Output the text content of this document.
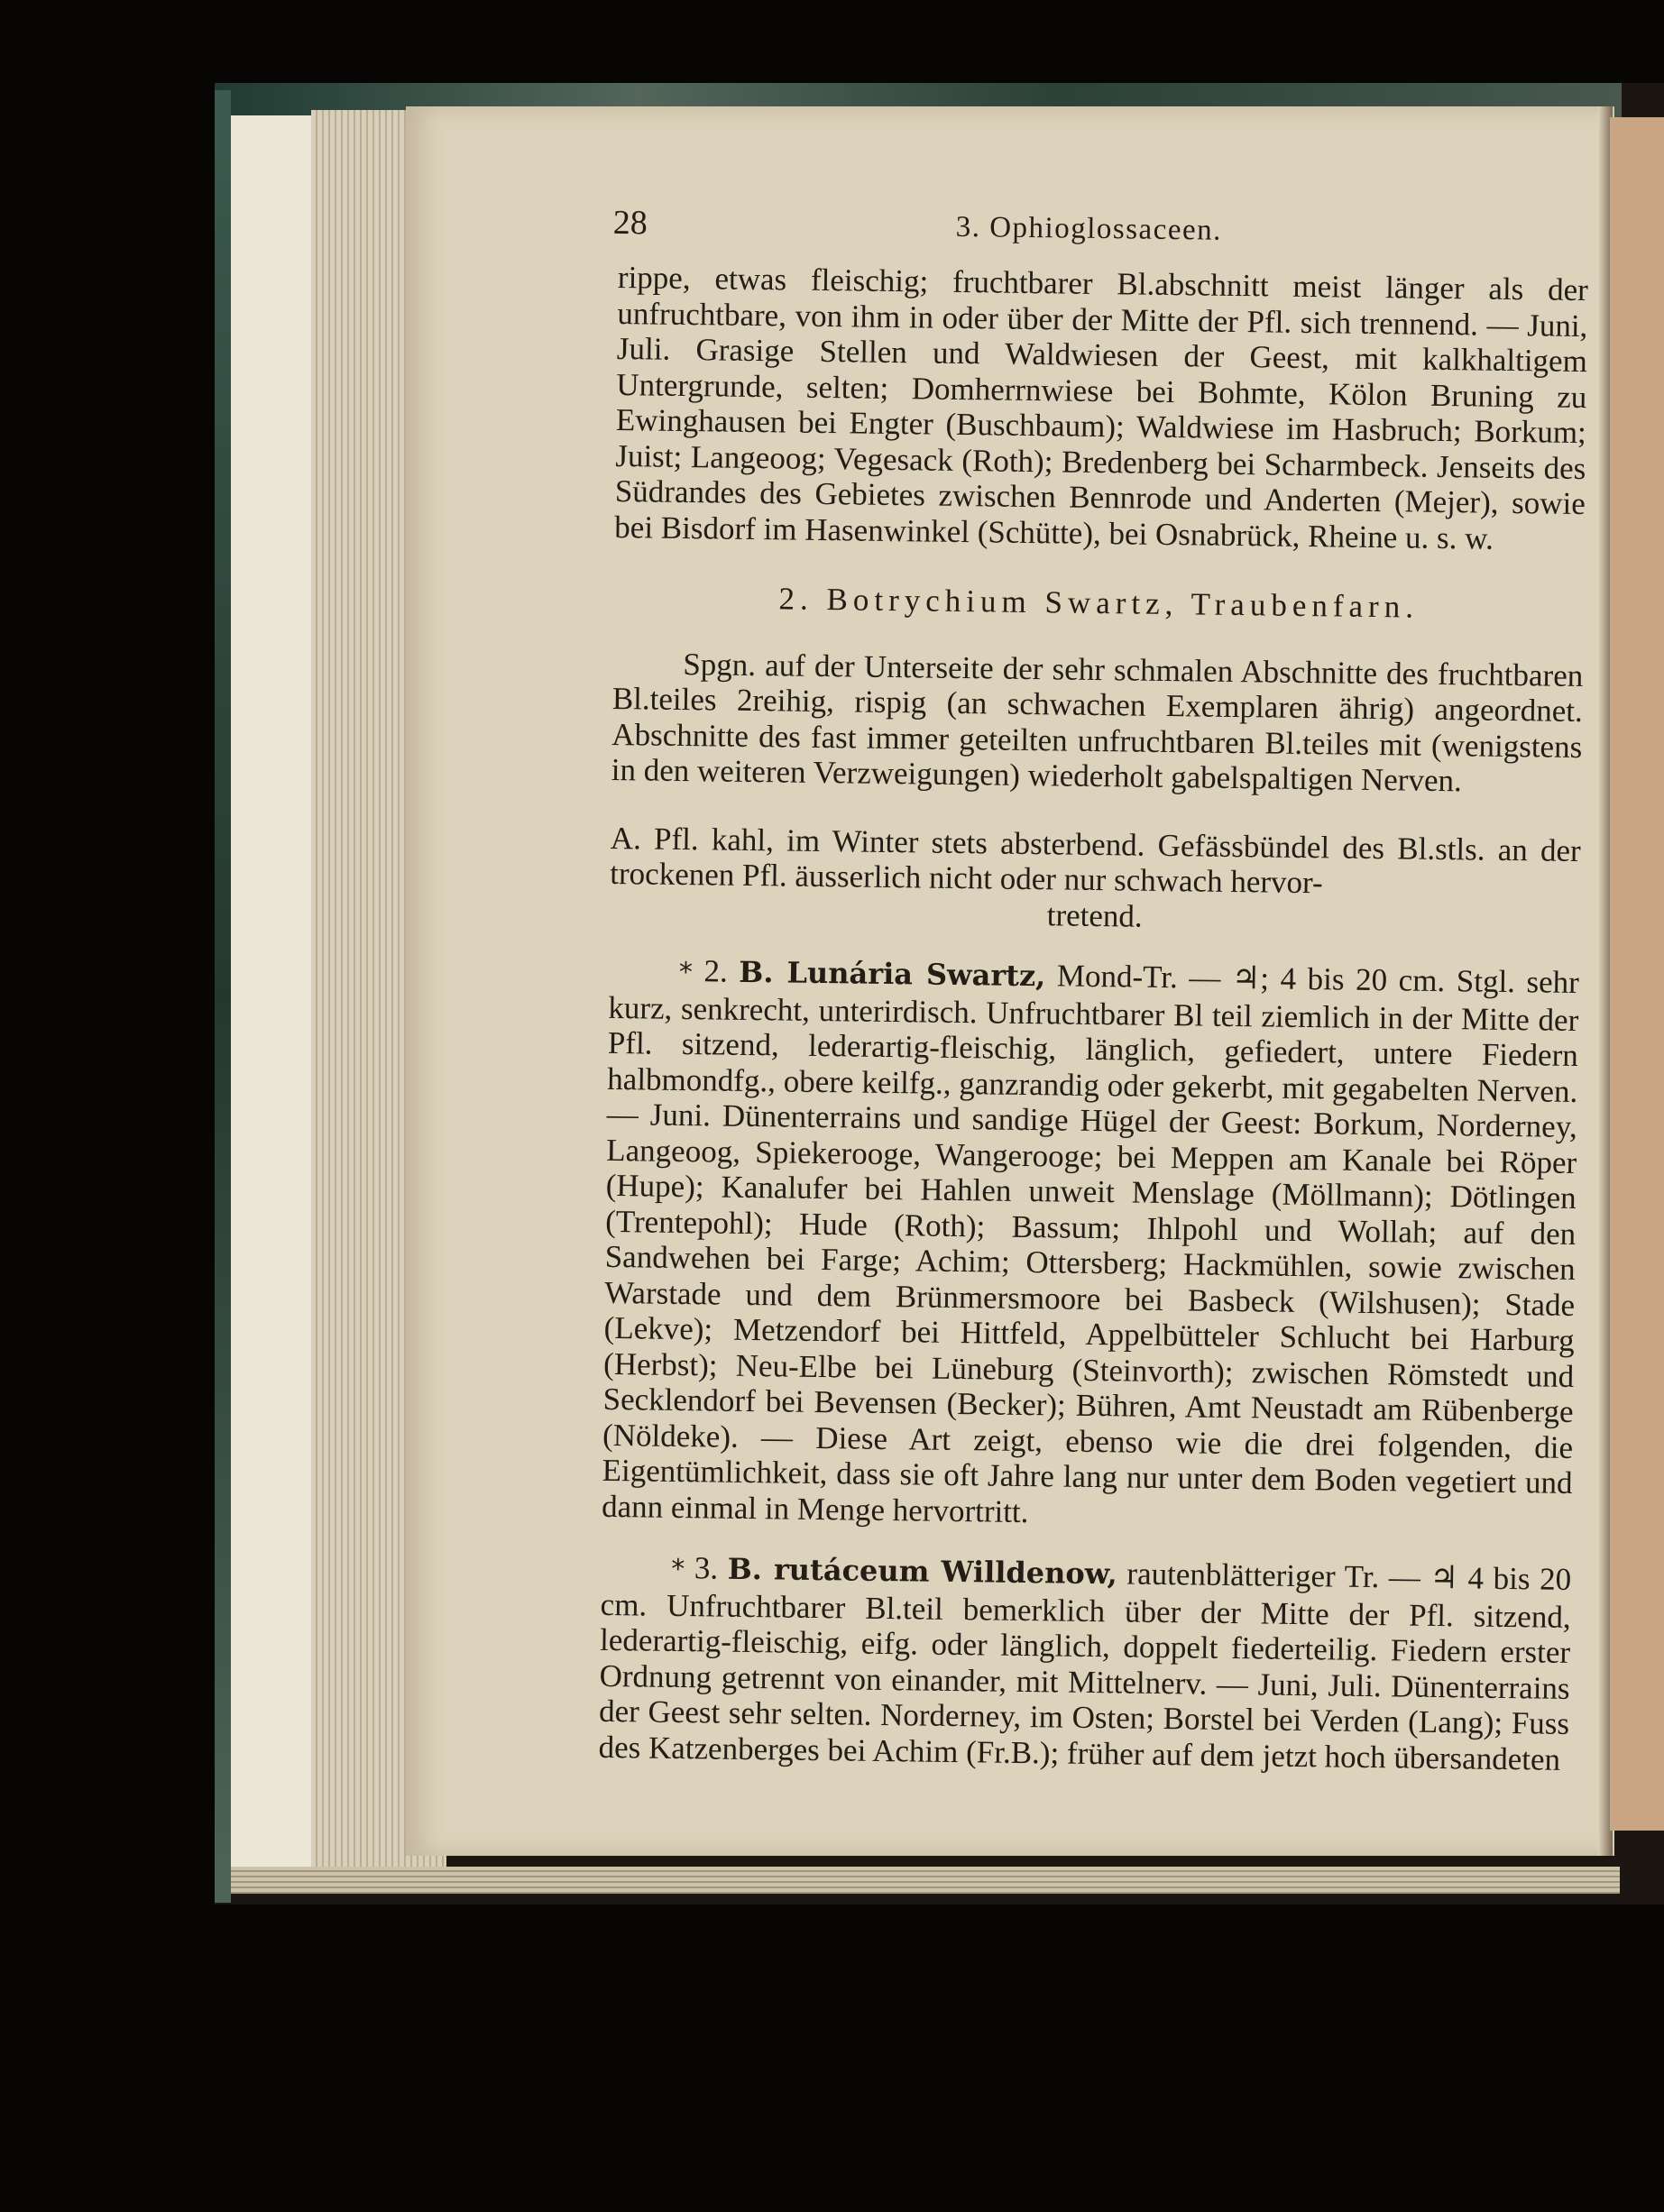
28	3. Ophioglossaceen.

rippe, etwas fleischig; fruchtbarer Bl.abschnitt meist länger als der unfruchtbare, von ihm in oder über der Mitte der Pfl. sich trennend. — Juni, Juli. Grasige Stellen und Waldwiesen der Geest, mit kalkhaltigem Untergrunde, selten; Domherrnwiese bei Bohmte, Kölon Bruning zu Ewinghausen bei Engter (Buschbaum); Waldwiese im Hasbruch; Borkum; Juist; Langeoog; Vegesack (Roth); Bredenberg bei Scharmbeck. Jenseits des Südrandes des Gebietes zwischen Bennrode und Anderten (Mejer), sowie bei Bisdorf im Hasenwinkel (Schütte), bei Osnabrück, Rheine u. s. w.

2. Botrychium Swartz, Traubenfarn.

Spgn. auf der Unterseite der sehr schmalen Abschnitte des fruchtbaren Bl.teiles 2reihig, rispig (an schwachen Exemplaren ährig) angeordnet. Abschnitte des fast immer geteilten unfruchtbaren Bl.teiles mit (wenigstens in den weiteren Verzweigungen) wiederholt gabelspaltigen Nerven.

A. Pfl. kahl, im Winter stets absterbend. Gefässbündel des Bl.stls. an der trockenen Pfl. äusserlich nicht oder nur schwach hervor-
tretend.

* 2. B. Lunária Swartz, Mond-Tr. — ♃; 4 bis 20 cm. Stgl. sehr kurz, senkrecht, unterirdisch. Unfruchtbarer Bl teil ziemlich in der Mitte der Pfl. sitzend, lederartig-fleischig, länglich, gefiedert, untere Fiedern halbmondfg., obere keilfg., ganzrandig oder gekerbt, mit gegabelten Nerven. — Juni. Dünenterrains und sandige Hügel der Geest: Borkum, Norderney, Langeoog, Spiekerooge, Wangerooge; bei Meppen am Kanale bei Röper (Hupe); Kanalufer bei Hahlen unweit Menslage (Möllmann); Dötlingen (Trentepohl); Hude (Roth); Bassum; Ihlpohl und Wollah; auf den Sandwehen bei Farge; Achim; Ottersberg; Hackmühlen, sowie zwischen Warstade und dem Brünmersmoore bei Basbeck (Wilshusen); Stade (Lekve); Metzendorf bei Hittfeld, Appelbütteler Schlucht bei Harburg (Herbst); Neu-Elbe bei Lüneburg (Steinvorth); zwischen Römstedt und Secklendorf bei Bevensen (Becker); Bühren, Amt Neustadt am Rübenberge (Nöldeke). — Diese Art zeigt, ebenso wie die drei folgenden, die Eigentümlichkeit, dass sie oft Jahre lang nur unter dem Boden vegetiert und dann einmal in Menge hervortritt.

* 3. B. rutáceum Willdenow, rautenblätteriger Tr. — ♃ 4 bis 20 cm. Unfruchtbarer Bl.teil bemerklich über der Mitte der Pfl. sitzend, lederartig-fleischig, eifg. oder länglich, doppelt fiederteilig. Fiedern erster Ordnung getrennt von einander, mit Mittelnerv. — Juni, Juli. Dünenterrains der Geest sehr selten. Norderney, im Osten; Borstel bei Verden (Lang); Fuss des Katzenberges bei Achim (Fr.B.); früher auf dem jetzt hoch übersandeten
